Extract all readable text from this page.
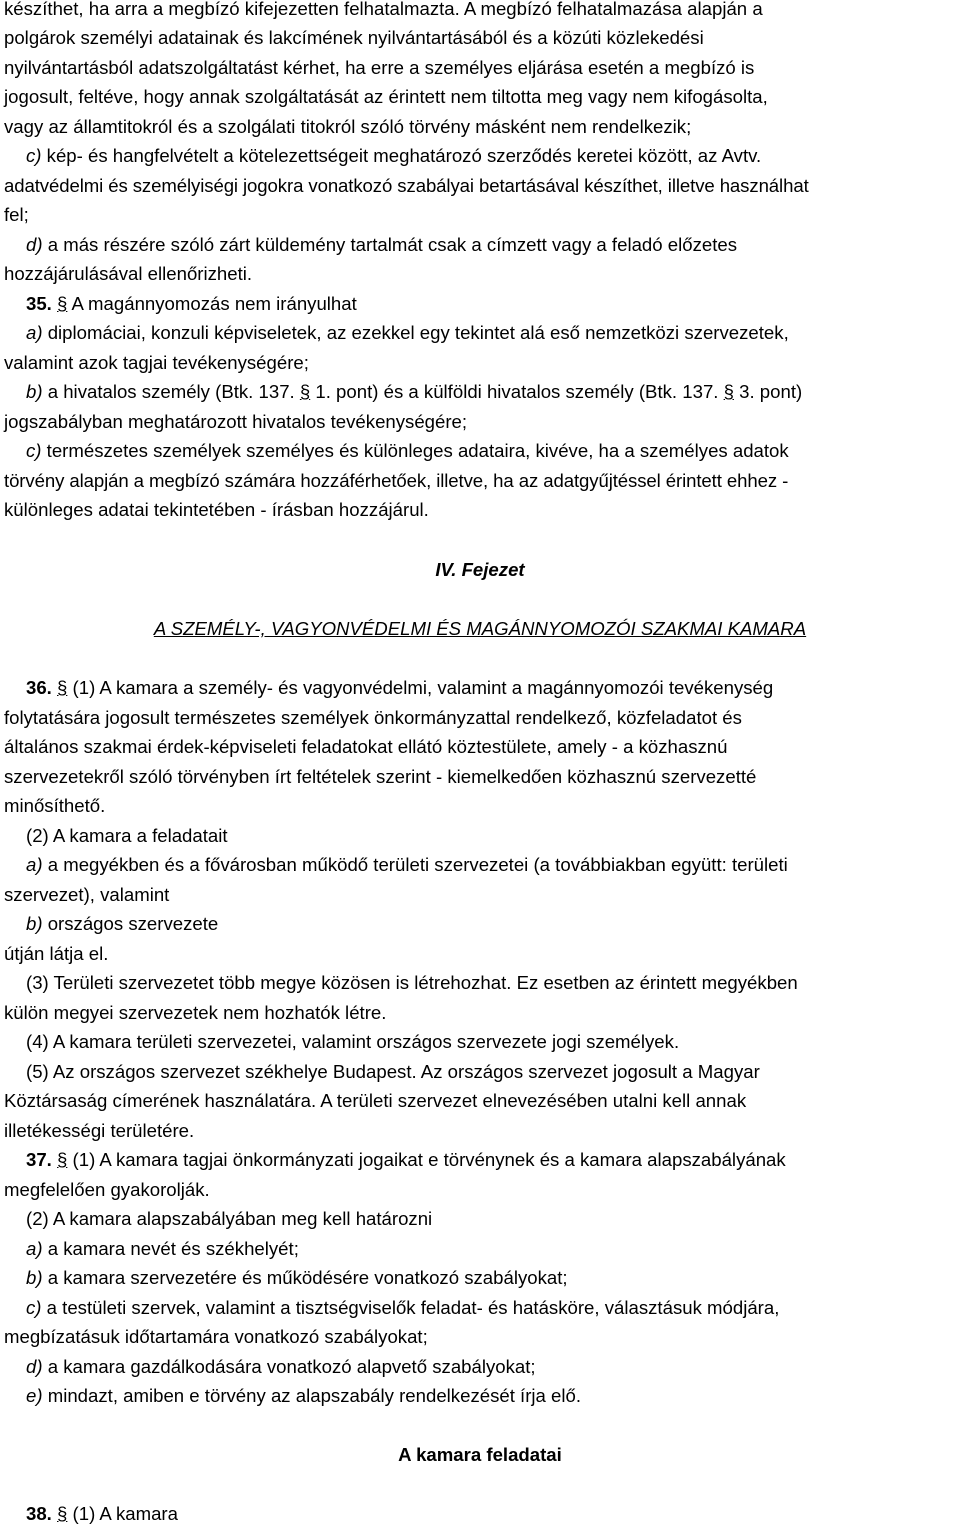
készíthet, ha arra a megbízó kifejezetten felhatalmazta. A megbízó felhatalmazása alapján a
polgárok személyi adatainak és lakcímének nyilvántartásából és a közúti közlekedési
nyilvántartásból adatszolgáltatást kérhet, ha erre a személyes eljárása esetén a megbízó is
jogosult, feltéve, hogy annak szolgáltatását az érintett nem tiltotta meg vagy nem kifogásolta,
vagy az államtitokról és a szolgálati titokról szóló törvény másként nem rendelkezik;
c) kép- és hangfelvételt a kötelezettségeit meghatározó szerződés keretei között, az Avtv.
adatvédelmi és személyiségi jogokra vonatkozó szabályai betartásával készíthet, illetve használhat
fel;
d) a más részére szóló zárt küldemény tartalmát csak a címzett vagy a feladó előzetes
hozzájárulásával ellenőrizheti.
35. § A magánnyomozás nem irányulhat
a) diplomáciai, konzuli képviseletek, az ezekkel egy tekintet alá eső nemzetközi szervezetek,
valamint azok tagjai tevékenységére;
b) a hivatalos személy (Btk. 137. § 1. pont) és a külföldi hivatalos személy (Btk. 137. § 3. pont)
jogszabályban meghatározott hivatalos tevékenységére;
c) természetes személyek személyes és különleges adataira, kivéve, ha a személyes adatok
törvény alapján a megbízó számára hozzáférhetőek, illetve, ha az adatgyűjtéssel érintett ehhez -
különleges adatai tekintetében - írásban hozzájárul.
IV. Fejezet
A SZEMÉLY-, VAGYONVÉDELMI ÉS MAGÁNNYOMOZÓI SZAKMAI KAMARA
36. § (1) A kamara a személy- és vagyonvédelmi, valamint a magánnyomozói tevékenység
folytatására jogosult természetes személyek önkormányzattal rendelkező, közfeladatot és
általános szakmai érdek-képviseleti feladatokat ellátó köztestülete, amely - a közhasznú
szervezetekről szóló törvényben írt feltételek szerint - kiemelkedően közhasznú szervezetté
minősíthető.
(2) A kamara a feladatait
a) a megyékben és a fővárosban működő területi szervezetei (a továbbiakban együtt: területi
szervezet), valamint
b) országos szervezete
útján látja el.
(3) Területi szervezetet több megye közösen is létrehozhat. Ez esetben az érintett megyékben
külön megyei szervezetek nem hozhatók létre.
(4) A kamara területi szervezetei, valamint országos szervezete jogi személyek.
(5) Az országos szervezet székhelye Budapest. Az országos szervezet jogosult a Magyar
Köztársaság címerének használatára. A területi szervezet elnevezésében utalni kell annak
illetékességi területére.
37. § (1) A kamara tagjai önkormányzati jogaikat e törvénynek és a kamara alapszabályának
megfelelően gyakorolják.
(2) A kamara alapszabályában meg kell határozni
a) a kamara nevét és székhelyét;
b) a kamara szervezetére és működésére vonatkozó szabályokat;
c) a testületi szervek, valamint a tisztségviselők feladat- és hatásköre, választásuk módjára,
megbízatásuk időtartamára vonatkozó szabályokat;
d) a kamara gazdálkodására vonatkozó alapvető szabályokat;
e) mindazt, amiben e törvény az alapszabály rendelkezését írja elő.
A kamara feladatai
38. § (1) A kamara
